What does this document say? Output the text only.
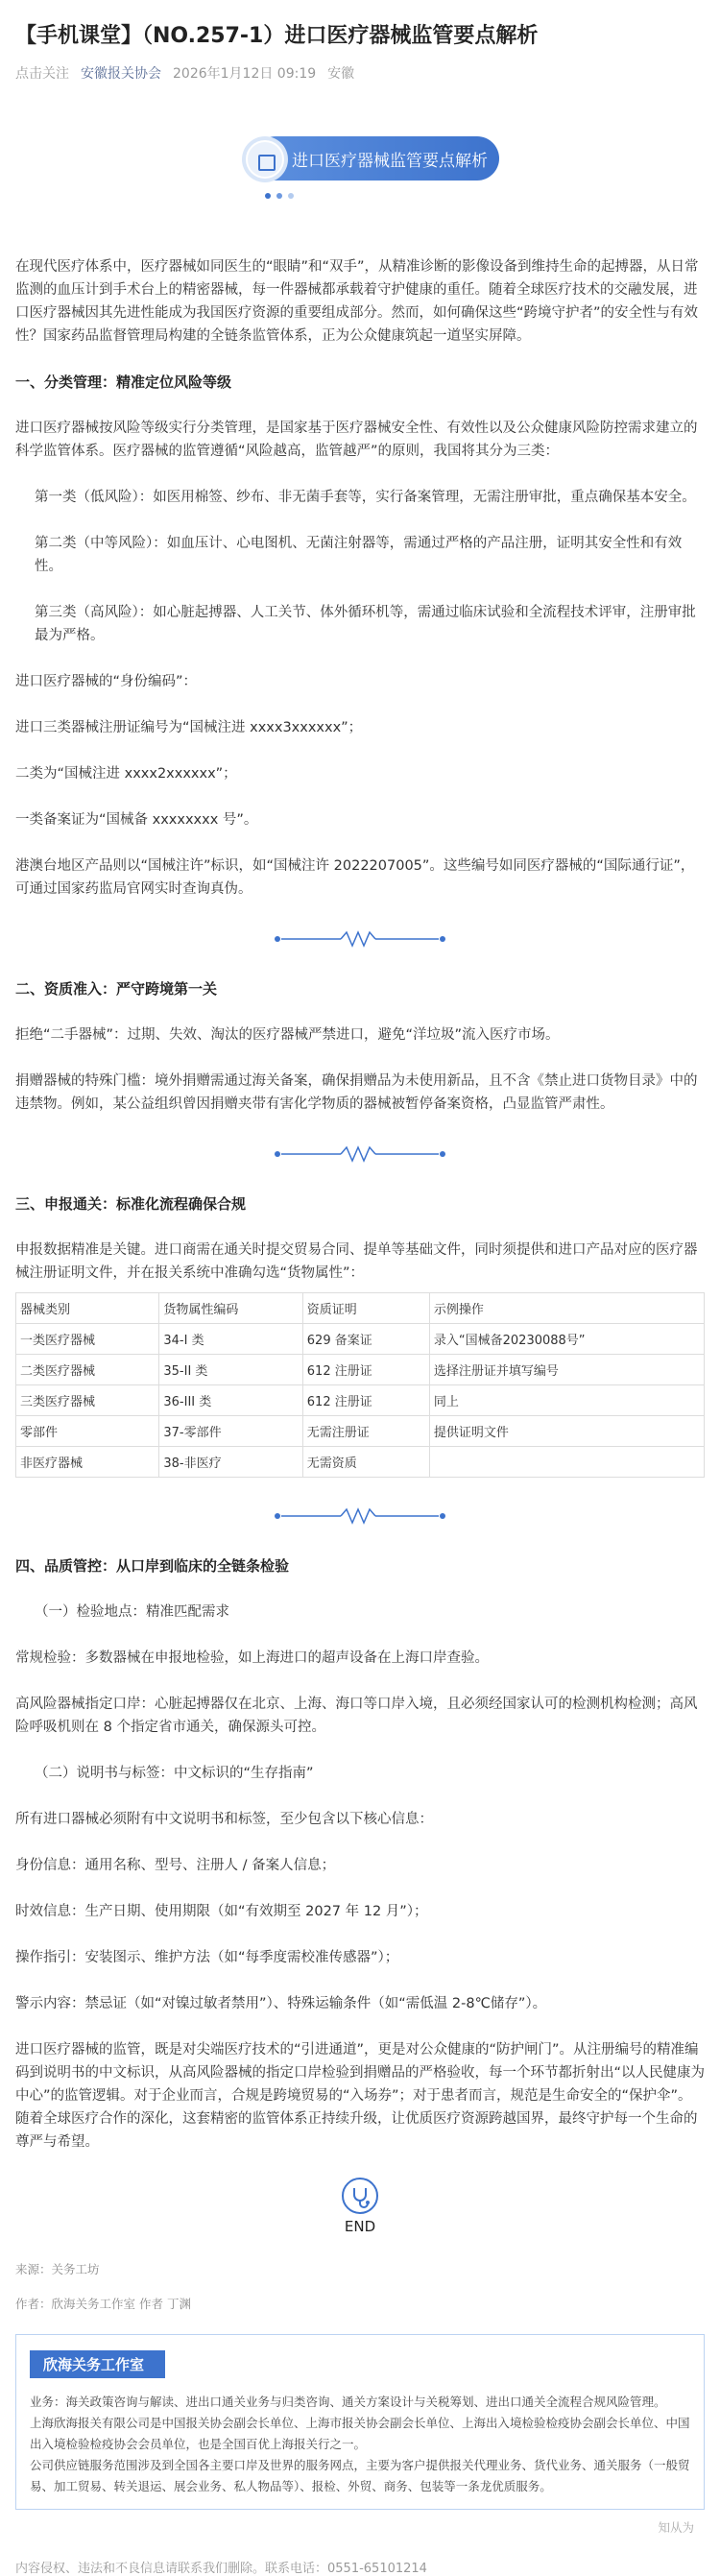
【手机课堂】（NO.257-1）进口医疗器械监管要点解析
点击关注 安徽报关协会 2026年1月12日 09:19 安徽
进口医疗器械监管要点解析

在现代医疗体系中，医疗器械如同医生的“眼睛”和“双手”，从精准诊断的影像设备到维持生命的起搏器，从日常监测的血压计到手术台上的精密器械，每一件器械都承载着守护健康的重任。随着全球医疗技术的交融发展，进口医疗器械因其先进性能成为我国医疗资源的重要组成部分。然而，如何确保这些“跨境守护者”的安全性与有效性？国家药品监督管理局构建的全链条监管体系，正为公众健康筑起一道坚实屏障。

一、分类管理：精准定位风险等级

进口医疗器械按风险等级实行分类管理，是国家基于医疗器械安全性、有效性以及公众健康风险防控需求建立的科学监管体系。医疗器械的监管遵循“风险越高，监管越严”的原则，我国将其分为三类：

第一类（低风险）：如医用棉签、纱布、非无菌手套等，实行备案管理，无需注册审批，重点确保基本安全。

第二类（中等风险）：如血压计、心电图机、无菌注射器等，需通过严格的产品注册，证明其安全性和有效性。

第三类（高风险）：如心脏起搏器、人工关节、体外循环机等，需通过临床试验和全流程技术评审，注册审批最为严格。

进口医疗器械的“身份编码”：

进口三类器械注册证编号为“国械注进 xxxx3xxxxxx”；

二类为“国械注进 xxxx2xxxxxx”；

一类备案证为“国械备 xxxxxxxx 号”。

港澳台地区产品则以“国械注许”标识，如“国械注许 2022207005”。这些编号如同医疗器械的“国际通行证”，可通过国家药监局官网实时查询真伪。

二、资质准入：严守跨境第一关

拒绝“二手器械”：过期、失效、淘汰的医疗器械严禁进口，避免“洋垃圾”流入医疗市场。

捐赠器械的特殊门槛：境外捐赠需通过海关备案，确保捐赠品为未使用新品，且不含《禁止进口货物目录》中的违禁物。例如，某公益组织曾因捐赠夹带有害化学物质的器械被暂停备案资格，凸显监管严肃性。

三、申报通关：标准化流程确保合规

申报数据精准是关键。进口商需在通关时提交贸易合同、提单等基础文件，同时须提供和进口产品对应的医疗器械注册证明文件，并在报关系统中准确勾选“货物属性”：

器械类别	货物属性编码	资质证明	示例操作
一类医疗器械	34-I 类	629 备案证	录入“国械备20230088号”
二类医疗器械	35-II 类	612 注册证	选择注册证并填写编号
三类医疗器械	36-III 类	612 注册证	同上
零部件	37-零部件	无需注册证	提供证明文件
非医疗器械	38-非医疗	无需资质	
四、品质管控：从口岸到临床的全链条检验

（一）检验地点：精准匹配需求

常规检验：多数器械在申报地检验，如上海进口的超声设备在上海口岸查验。

高风险器械指定口岸：心脏起搏器仅在北京、上海、海口等口岸入境，且必须经国家认可的检测机构检测；高风险呼吸机则在 8 个指定省市通关，确保源头可控。

（二）说明书与标签：中文标识的“生存指南”

所有进口器械必须附有中文说明书和标签，至少包含以下核心信息：

身份信息：通用名称、型号、注册人 / 备案人信息；

时效信息：生产日期、使用期限（如“有效期至 2027 年 12 月”）；

操作指引：安装图示、维护方法（如“每季度需校准传感器”）；

警示内容：禁忌证（如“对镍过敏者禁用”）、特殊运输条件（如“需低温 2-8℃储存”）。

进口医疗器械的监管，既是对尖端医疗技术的“引进通道”，更是对公众健康的“防护闸门”。从注册编号的精准编码到说明书的中文标识，从高风险器械的指定口岸检验到捐赠品的严格验收，每一个环节都折射出“以人民健康为中心”的监管逻辑。对于企业而言，合规是跨境贸易的“入场券”；对于患者而言，规范是生命安全的“保护伞”。随着全球医疗合作的深化，这套精密的监管体系正持续升级，让优质医疗资源跨越国界，最终守护每一个生命的尊严与希望。

END
来源：关务工坊
作者：欣海关务工作室 作者 丁渊
欣海关务工作室

业务：海关政策咨询与解读、进出口通关业务与归类咨询、通关方案设计与关税筹划、进出口通关全流程合规风险管理。

上海欣海报关有限公司是中国报关协会副会长单位、上海市报关协会副会长单位、上海出入境检验检疫协会副会长单位、中国出入境检验检疫协会会员单位，也是全国百优上海报关行之一。

公司供应链服务范围涉及到全国各主要口岸及世界的服务网点，主要为客户提供报关代理业务、货代业务、通关服务（一般贸易、加工贸易、转关退运、展会业务、私人物品等）、报检、外贸、商务、包装等一条龙优质服务。

知从为
内容侵权、违法和不良信息请联系我们删除。联系电话：0551-65101214
